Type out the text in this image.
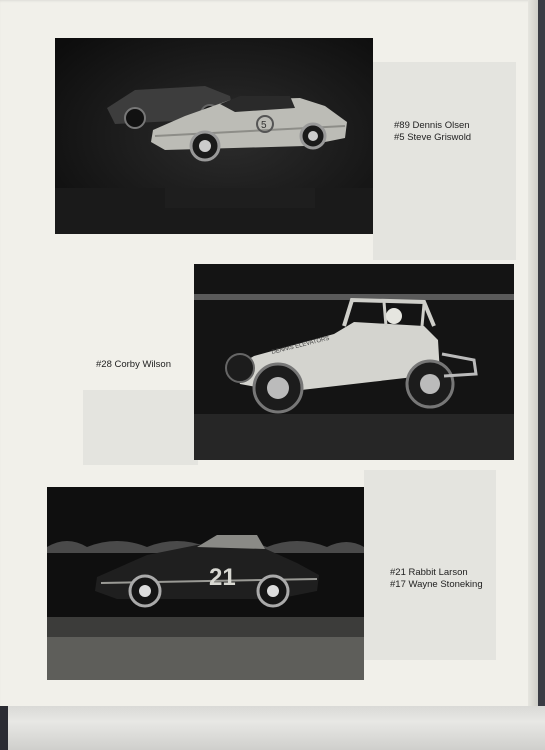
5	#89 Dennis Olsen
#5 Steve Griswold
DENNIS ELEVATORS
#28 Corby Wilson
21	#21 Rabbit Larson
#17 Wayne Stoneking
